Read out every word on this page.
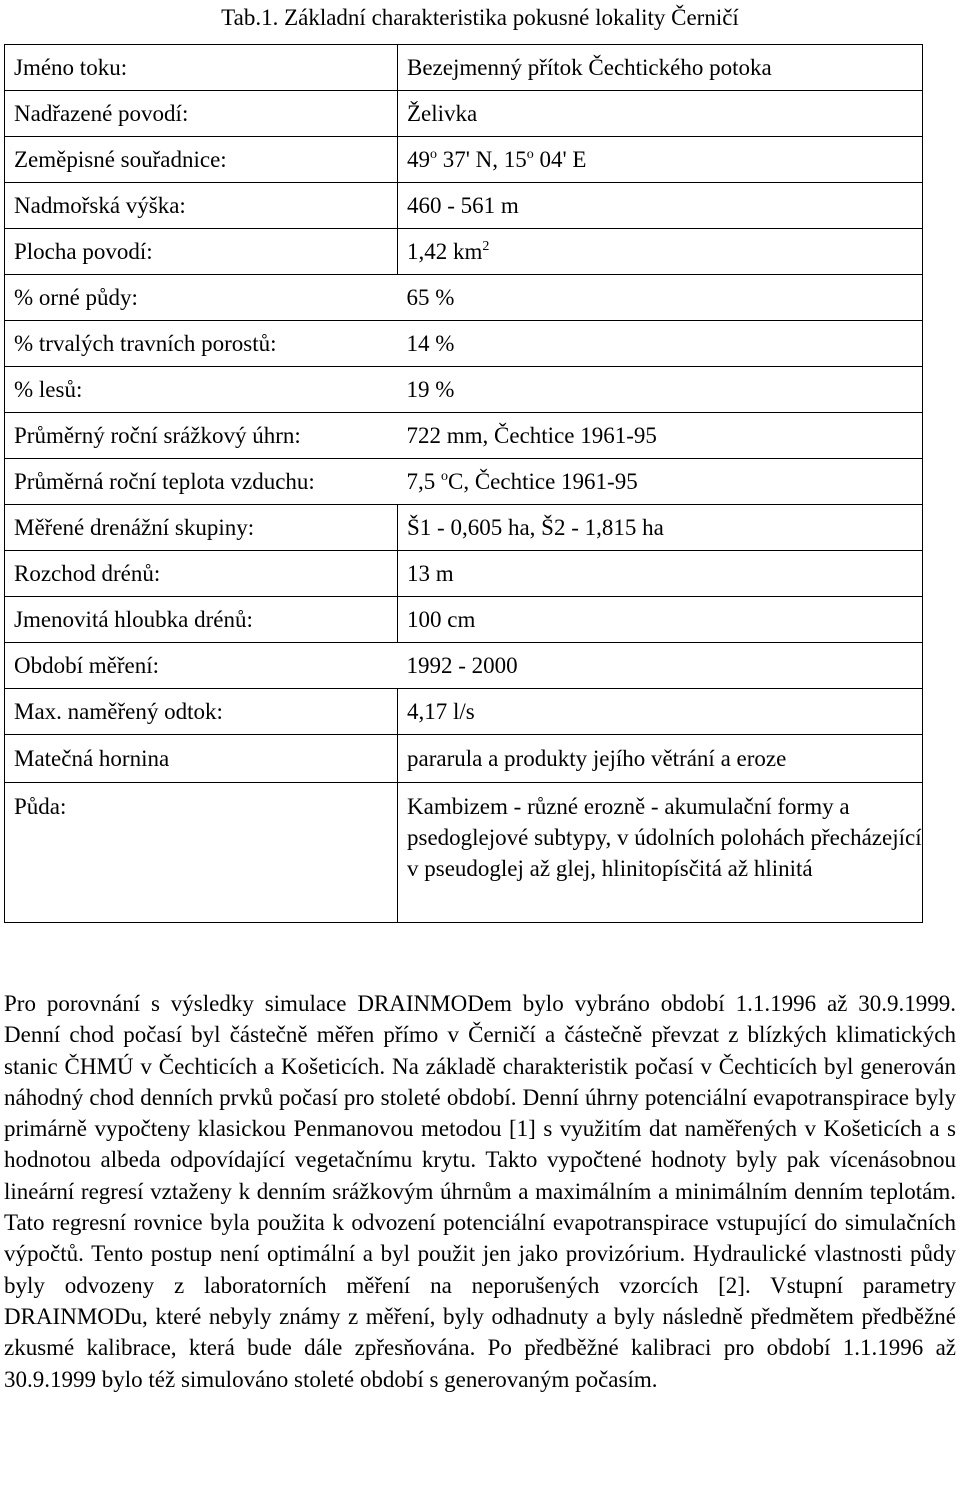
Tab.1. Základní charakteristika pokusné lokality Černičí
Jméno toku:	Bezejmenný přítok Čechtického potoka
Nadřazené povodí:	Želivka
Zeměpisné souřadnice:	49$^o$ 37' N, 15$^o$ 04' E
Nadmořská výška:	460 - 561 m
Plocha povodí:	1,42 $km^2$
% orné půdy:	65 %
% trvalých travních porostů:	14 %
% lesů:	19 %
Průměrný roční srážkový úhrn:	722 mm, Čechtice 1961-95
Průměrná roční teplota vzduchu:	7,5 $^o$C, Čechtice 1961-95
Měřené drenážní skupiny:	Š1 - 0,605 ha, Š2 - 1,815 ha
Rozchod drénů:	13 m
Jmenovitá hloubka drénů:	100 cm
Období měření:	1992 - 2000
Max. naměřený odtok:	4,17 l/s
Matečná hornina	pararula a produkty jejího větrání a eroze
Půda:	Kambizem - různé erozně - akumulační formy a psedoglejové subtypy, v údolních polohách přecházející v pseudoglej až glej, hlinitopísčitá až hlinitá

Pro porovnání s výsledky simulace DRAINMODem bylo vybráno období 1.1.1996 až 30.9.1999. Denní chod počasí byl částečně měřen přímo v Černičí a částečně převzat z blízkých klimatických stanic ČHMÚ v Čechticích a Košeticích. Na základě charakteristik počasí v Čechticích byl generován náhodný chod denních prvků počasí pro stoleté období. Denní úhrny potenciální evapotranspirace byly primárně vypočteny klasickou Penmanovou metodou [1] s využitím dat naměřených v Košeticích a s hodnotou albeda odpovídající vegetačnímu krytu. Takto vypočtené hodnoty byly pak vícenásobnou lineární regresí vztaženy k denním srážkovým úhrnům a maximálním a minimálním denním teplotám. Tato regresní rovnice byla použita k odvození potenciální evapotranspirace vstupující do simulačních výpočtů. Tento postup není optimální a byl použit jen jako provizórium. Hydraulické vlastnosti půdy byly odvozeny z laboratorních měření na neporušených vzorcích [2]. Vstupní parametry DRAINMODu, které nebyly známy z měření, byly odhadnuty a byly následně předmětem předběžné zkusmé kalibrace, která bude dále zpřesňována. Po předběžné kalibraci pro období 1.1.1996 až 30.9.1999 bylo též simulováno stoleté období s generovaným počasím.
